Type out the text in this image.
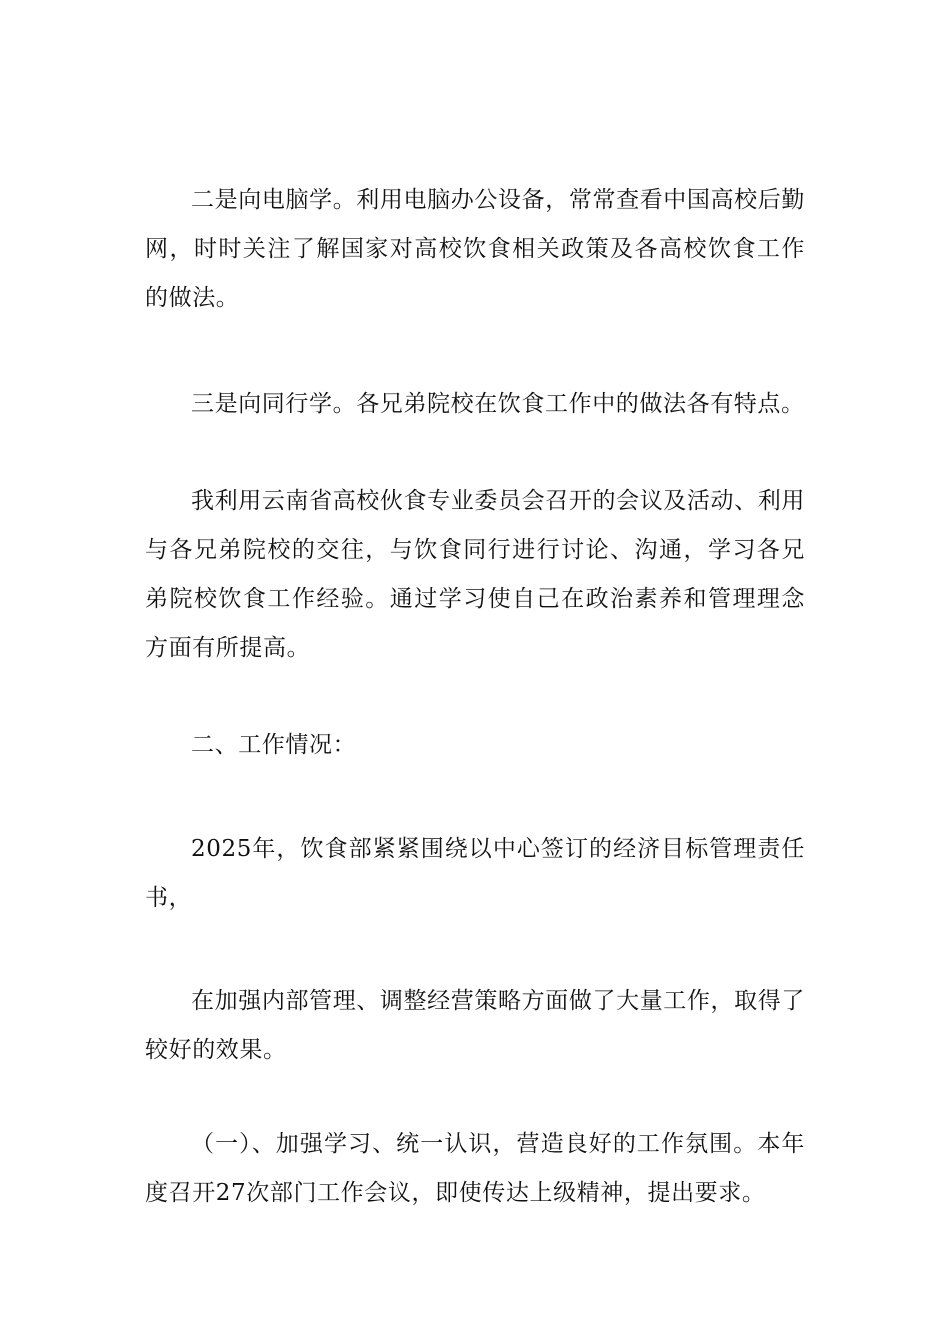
二是向电脑学。利用电脑办公设备，常常查看中国高校后勤网，时时关注了解国家对高校饮食相关政策及各高校饮食工作的做法。

三是向同行学。各兄弟院校在饮食工作中的做法各有特点。

我利用云南省高校伙食专业委员会召开的会议及活动、利用与各兄弟院校的交往，与饮食同行进行讨论、沟通，学习各兄弟院校饮食工作经验。通过学习使自己在政治素养和管理理念方面有所提高。

二、工作情况：

2025年，饮食部紧紧围绕以中心签订的经济目标管理责任书，

在加强内部管理、调整经营策略方面做了大量工作，取得了较好的效果。

（一）、加强学习、统一认识，营造良好的工作氛围。本年度召开27次部门工作会议，即使传达上级精神，提出要求。
